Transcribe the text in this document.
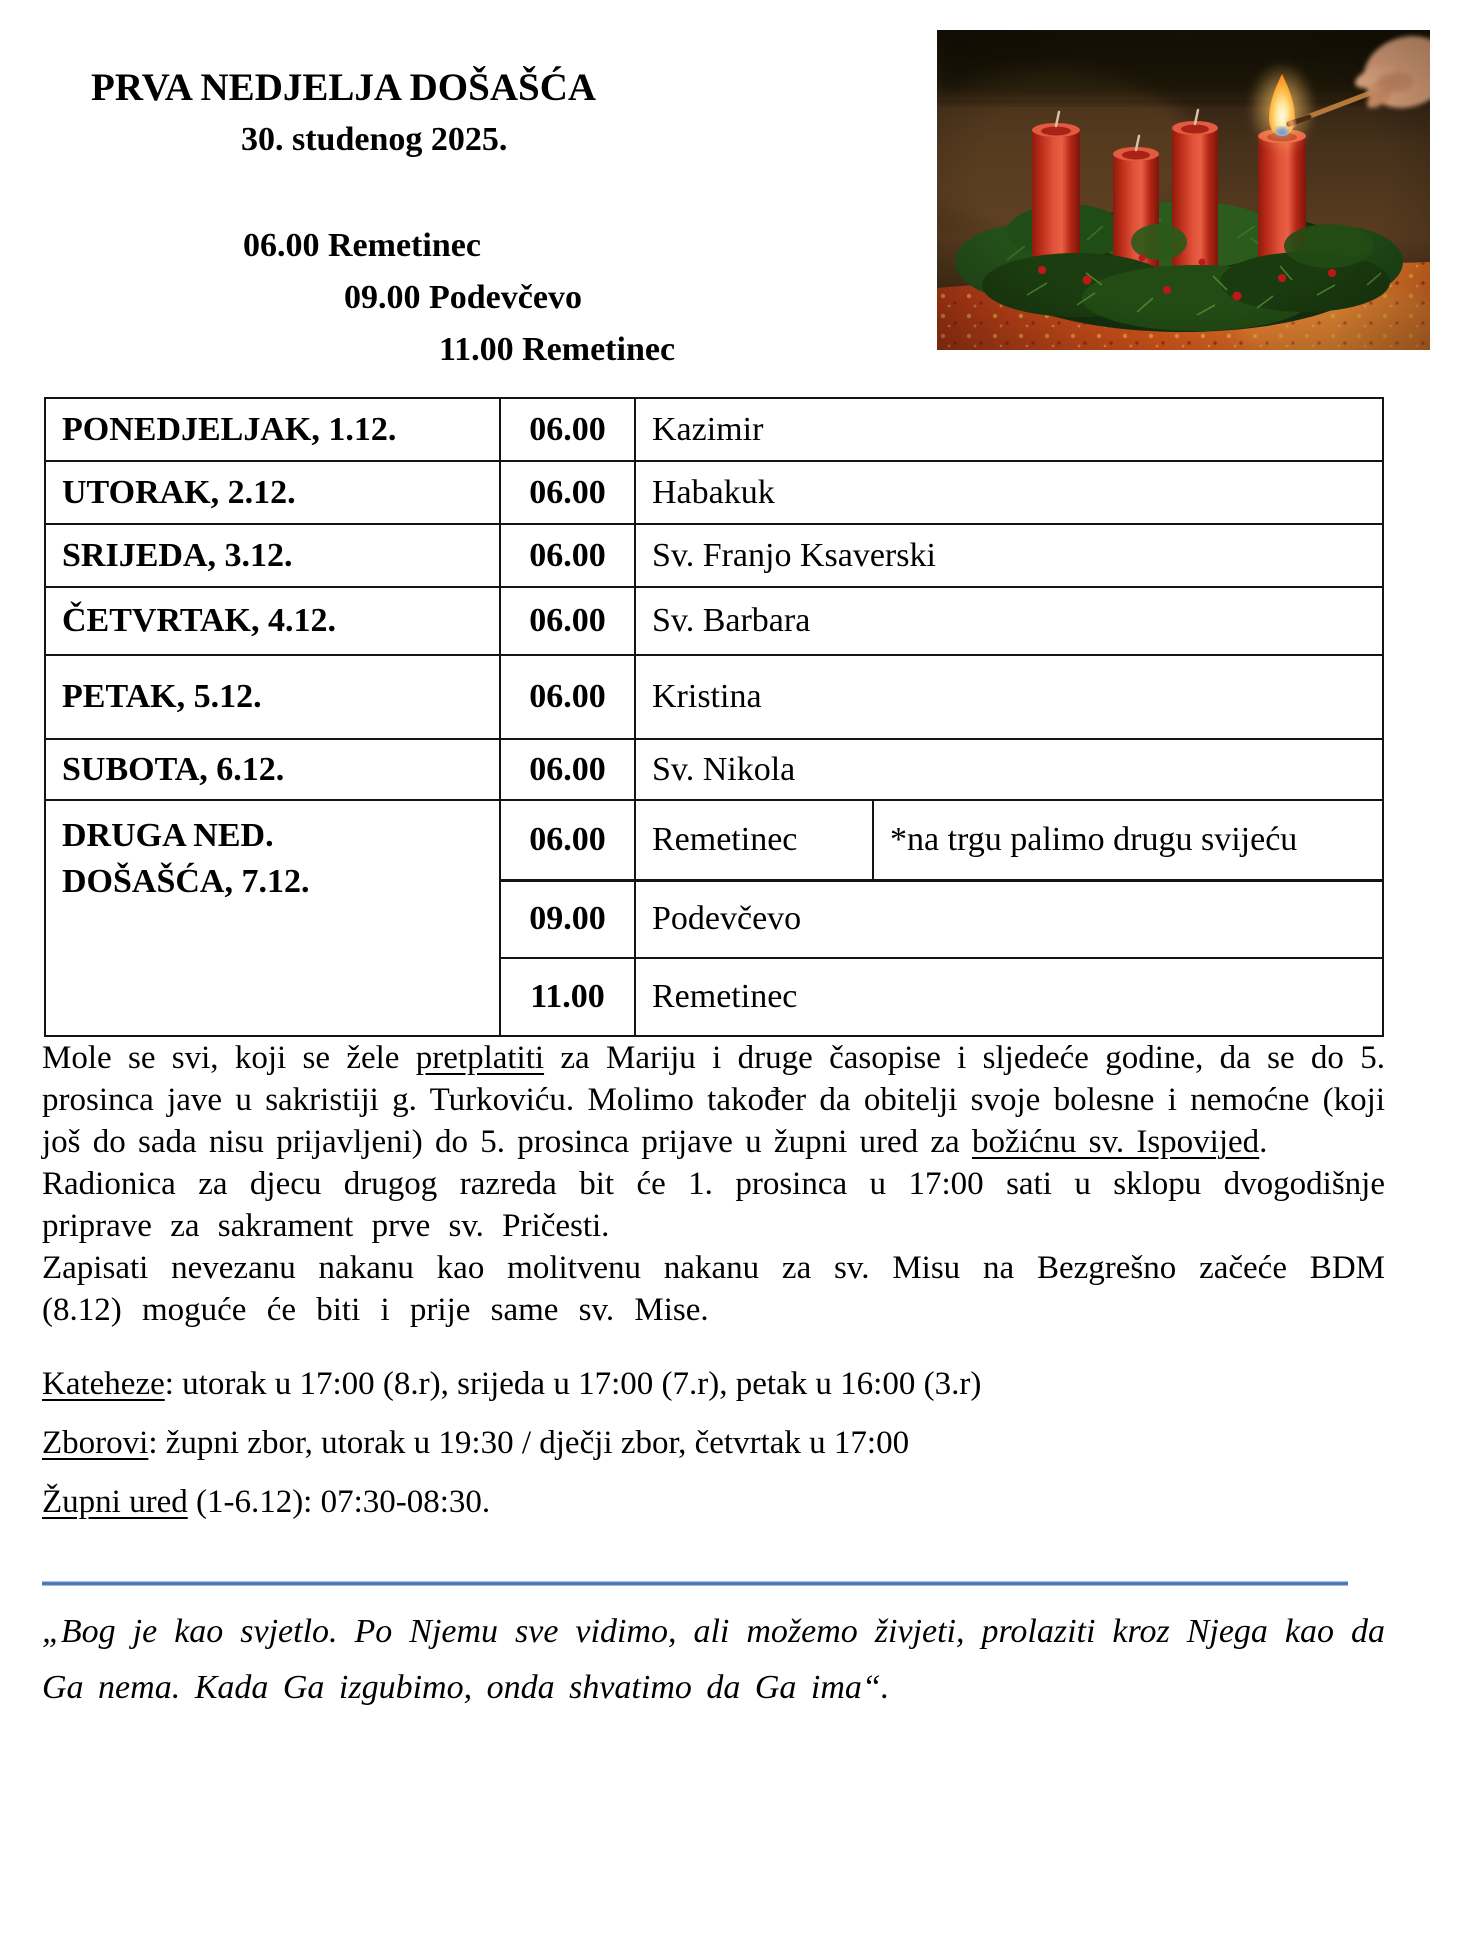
PRVA NEDJELJA DOŠAŠĆA
30. studenog 2025.
06.00 Remetinec
09.00 Podevčevo
11.00 Remetinec
PONEDJELJAK, 1.12.	06.00	Kazimir	
UTORAK, 2.12.	06.00	Habakuk	
SRIJEDA, 3.12.	06.00	Sv. Franjo Ksaverski	
ČETVRTAK, 4.12.	06.00	Sv. Barbara	
PETAK, 5.12.	06.00	Kristina	
SUBOTA, 6.12.	06.00	Sv. Nikola	

DRUGA NED.
DOŠAŠĆA, 7.12.	06.00	Remetinec	*na trgu palimo drugu svijeću
	09.00	Podevčevo	
	11.00	Remetinec	

Mole se svi, koji se žele pretplatiti za Mariju i druge časopise i sljedeće godine, da se do 5. prosinca jave u sakristiji g. Turkoviću. Molimo također da obitelji svoje bolesne i nemoćne (koji još do sada nisu prijavljeni) do 5. prosinca prijave u župni ured za božićnu sv. Ispovijed.

Radionica za djecu drugog razreda bit će 1. prosinca u 17:00 sati u sklopu dvogodišnje priprave za sakrament prve sv. Pričesti.

Zapisati nevezanu nakanu kao molitvenu nakanu za sv. Misu na Bezgrešno začeće BDM (8.12) moguće će biti i prije same sv. Mise.

Kateheze: utorak u 17:00 (8.r), srijeda u 17:00 (7.r), petak u 16:00 (3.r)

Zborovi: župni zbor, utorak u 19:30 / dječji zbor, četvrtak u 17:00

Župni ured (1-6.12): 07:30-08:30.

„Bog je kao svjetlo. Po Njemu sve vidimo, ali možemo živjeti, prolaziti kroz Njega kao da Ga nema. Kada Ga izgubimo, onda shvatimo da Ga ima“.
